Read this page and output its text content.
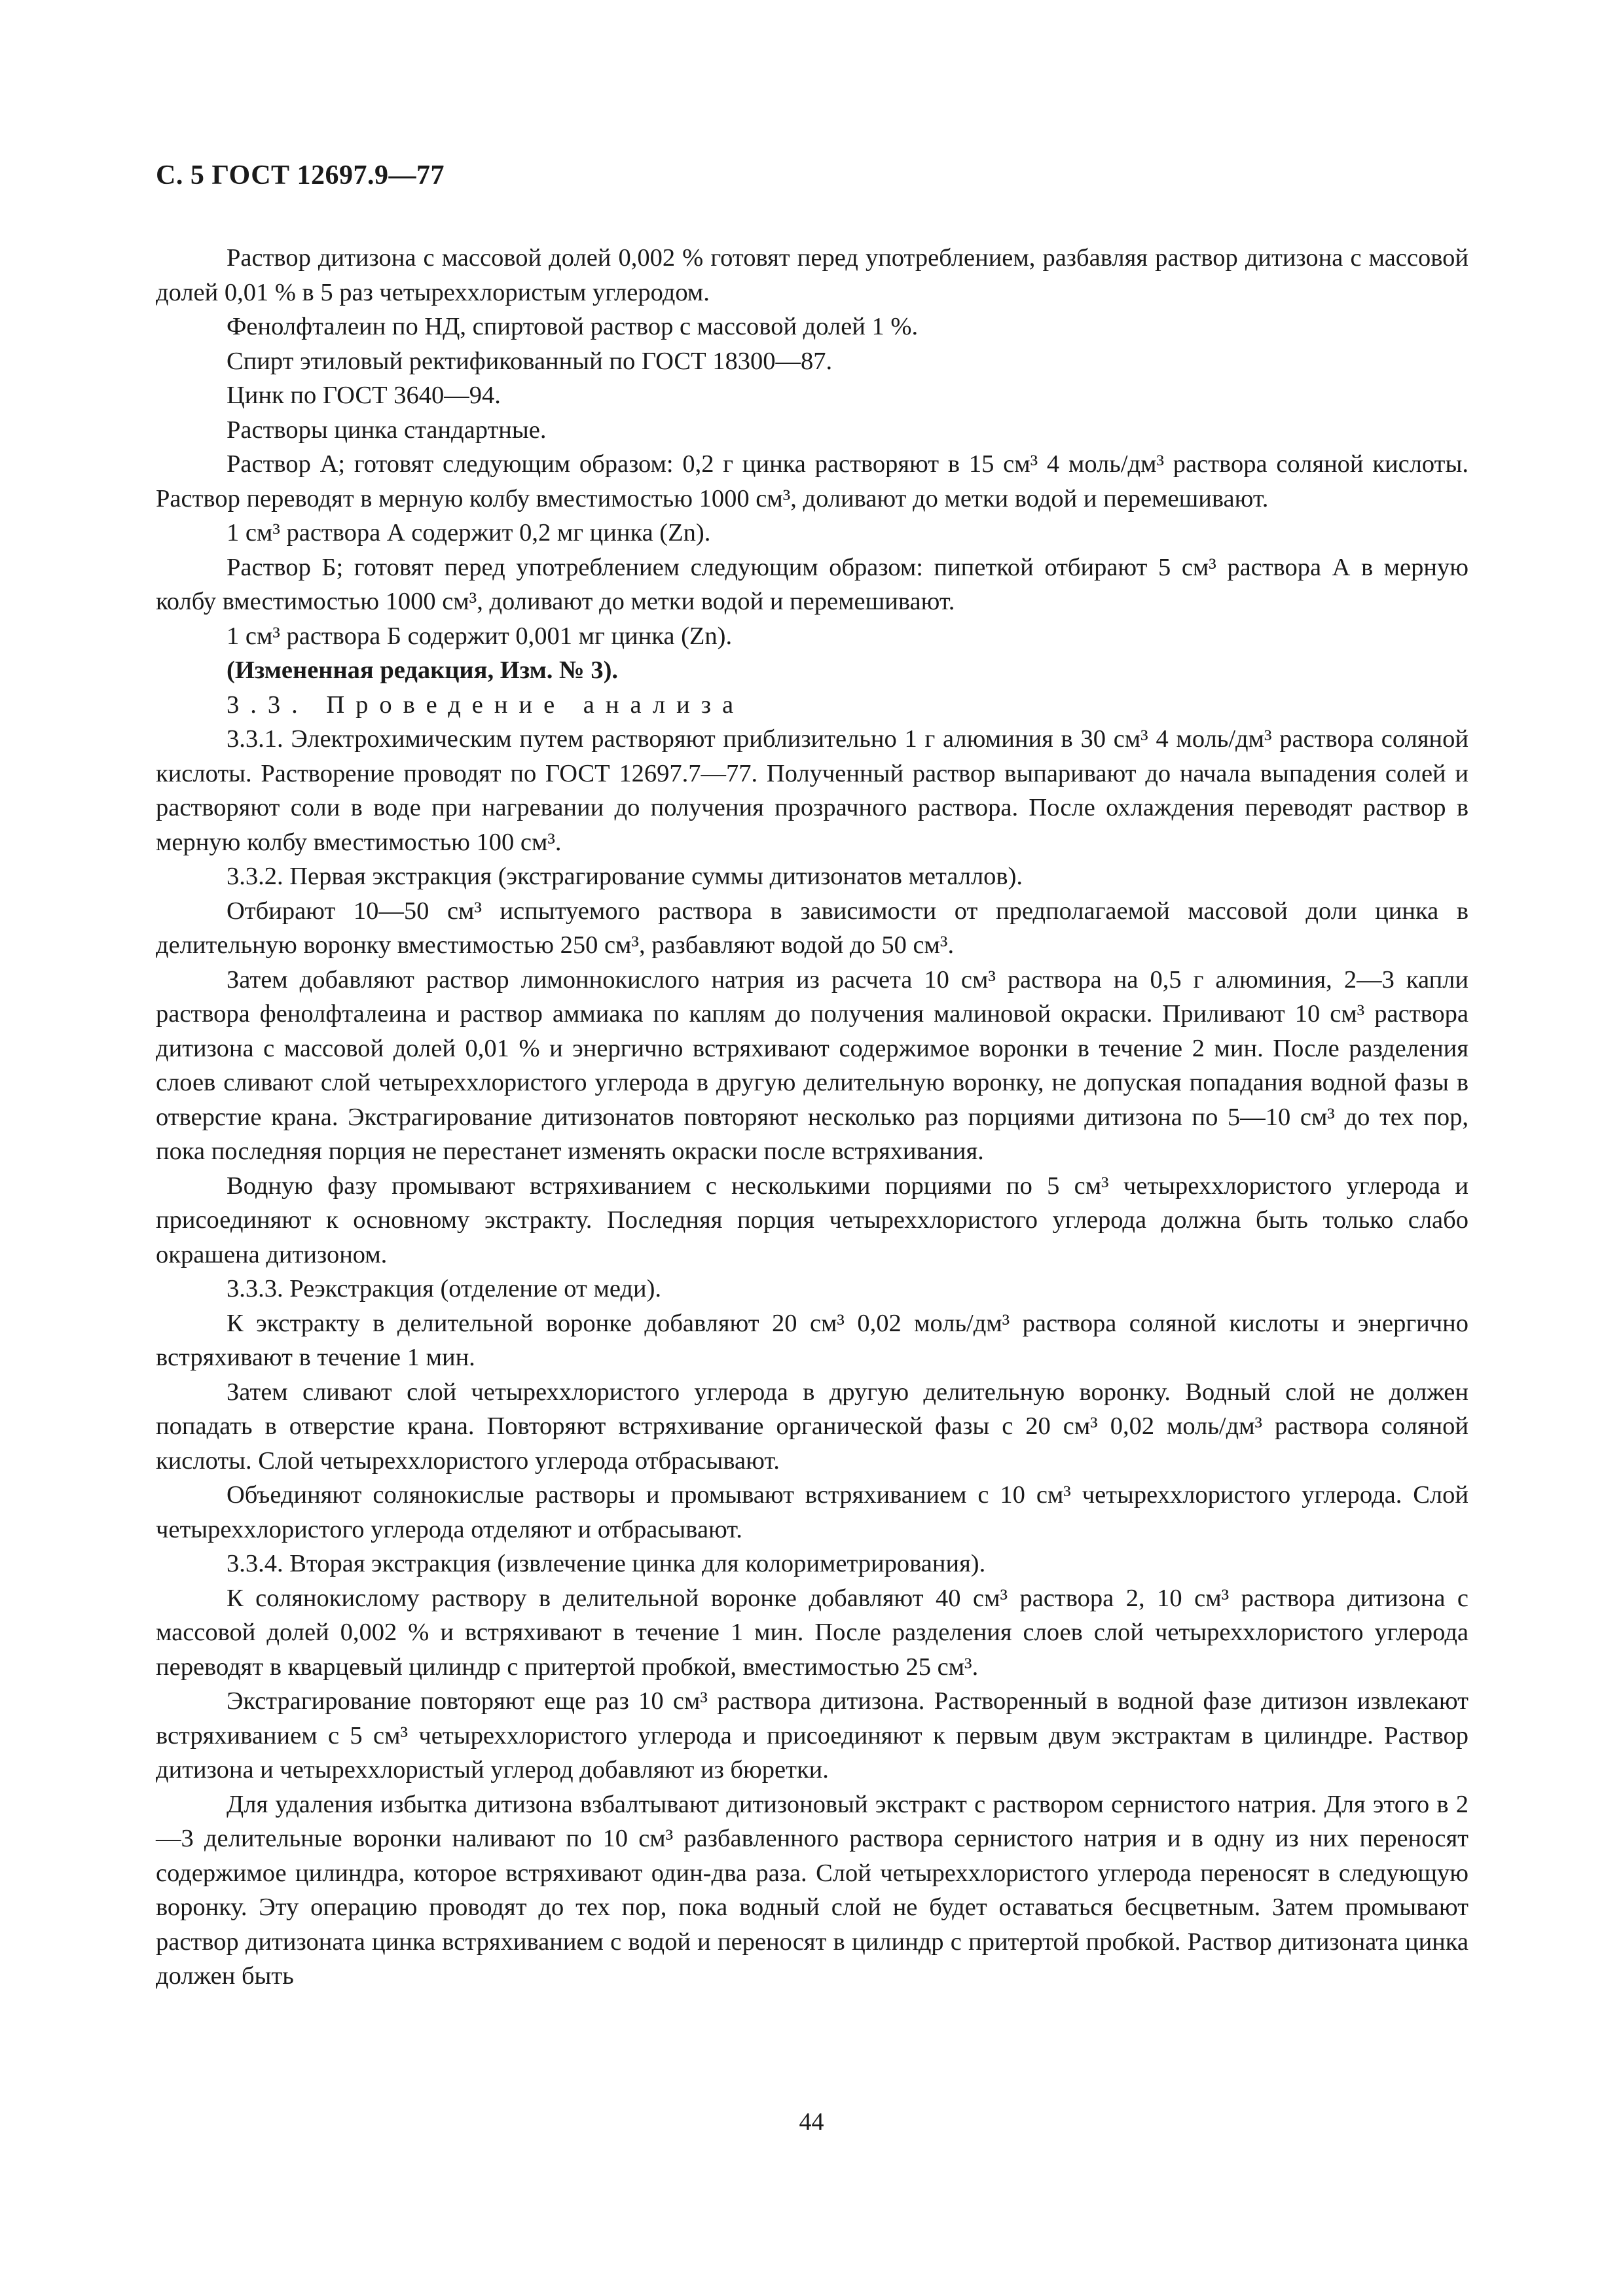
С. 5 ГОСТ 12697.9—77

Раствор дитизона с массовой долей 0,002 % готовят перед употреблением, разбавляя раствор дитизона с массовой долей 0,01 % в 5 раз четыреххлористым углеродом.

Фенолфталеин по НД, спиртовой раствор с массовой долей 1 %.

Спирт этиловый ректификованный по ГОСТ 18300—87.

Цинк по ГОСТ 3640—94.

Растворы цинка стандартные.

Раствор А; готовят следующим образом: 0,2 г цинка растворяют в 15 см³ 4 моль/дм³ раствора соляной кислоты. Раствор переводят в мерную колбу вместимостью 1000 см³, доливают до метки водой и перемешивают.

1 см³ раствора А содержит 0,2 мг цинка (Zn).

Раствор Б; готовят перед употреблением следующим образом: пипеткой отбирают 5 см³ раствора А в мерную колбу вместимостью 1000 см³, доливают до метки водой и перемешивают.

1 см³ раствора Б содержит 0,001 мг цинка (Zn).

(Измененная редакция, Изм. № 3).

3.3. Проведение анализа

3.3.1. Электрохимическим путем растворяют приблизительно 1 г алюминия в 30 см³ 4 моль/дм³ раствора соляной кислоты. Растворение проводят по ГОСТ 12697.7—77. Полученный раствор выпаривают до начала выпадения солей и растворяют соли в воде при нагревании до получения прозрачного раствора. После охлаждения переводят раствор в мерную колбу вместимостью 100 см³.

3.3.2. Первая экстракция (экстрагирование суммы дитизонатов металлов).

Отбирают 10—50 см³ испытуемого раствора в зависимости от предполагаемой массовой доли цинка в делительную воронку вместимостью 250 см³, разбавляют водой до 50 см³.

Затем добавляют раствор лимоннокислого натрия из расчета 10 см³ раствора на 0,5 г алюминия, 2—3 капли раствора фенолфталеина и раствор аммиака по каплям до получения малиновой окраски. Приливают 10 см³ раствора дитизона с массовой долей 0,01 % и энергично встряхивают содержимое воронки в течение 2 мин. После разделения слоев сливают слой четыреххлористого углерода в другую делительную воронку, не допуская попадания водной фазы в отверстие крана. Экстрагирование дитизонатов повторяют несколько раз порциями дитизона по 5—10 см³ до тех пор, пока последняя порция не перестанет изменять окраски после встряхивания.

Водную фазу промывают встряхиванием с несколькими порциями по 5 см³ четыреххлористого углерода и присоединяют к основному экстракту. Последняя порция четыреххлористого углерода должна быть только слабо окрашена дитизоном.

3.3.3. Реэкстракция (отделение от меди).

К экстракту в делительной воронке добавляют 20 см³ 0,02 моль/дм³ раствора соляной кислоты и энергично встряхивают в течение 1 мин.

Затем сливают слой четыреххлористого углерода в другую делительную воронку. Водный слой не должен попадать в отверстие крана. Повторяют встряхивание органической фазы с 20 см³ 0,02 моль/дм³ раствора соляной кислоты. Слой четыреххлористого углерода отбрасывают.

Объединяют солянокислые растворы и промывают встряхиванием с 10 см³ четыреххлористого углерода. Слой четыреххлористого углерода отделяют и отбрасывают.

3.3.4. Вторая экстракция (извлечение цинка для колориметрирования).

К солянокислому раствору в делительной воронке добавляют 40 см³ раствора 2, 10 см³ раствора дитизона с массовой долей 0,002 % и встряхивают в течение 1 мин. После разделения слоев слой четыреххлористого углерода переводят в кварцевый цилиндр с притертой пробкой, вместимостью 25 см³.

Экстрагирование повторяют еще раз 10 см³ раствора дитизона. Растворенный в водной фазе дитизон извлекают встряхиванием с 5 см³ четыреххлористого углерода и присоединяют к первым двум экстрактам в цилиндре. Раствор дитизона и четыреххлористый углерод добавляют из бюретки.

Для удаления избытка дитизона взбалтывают дитизоновый экстракт с раствором сернистого натрия. Для этого в 2—3 делительные воронки наливают по 10 см³ разбавленного раствора сернистого натрия и в одну из них переносят содержимое цилиндра, которое встряхивают один-два раза. Слой четыреххлористого углерода переносят в следующую воронку. Эту операцию проводят до тех пор, пока водный слой не будет оставаться бесцветным. Затем промывают раствор дитизоната цинка встряхиванием с водой и переносят в цилиндр с притертой пробкой. Раствор дитизоната цинка должен быть

44
